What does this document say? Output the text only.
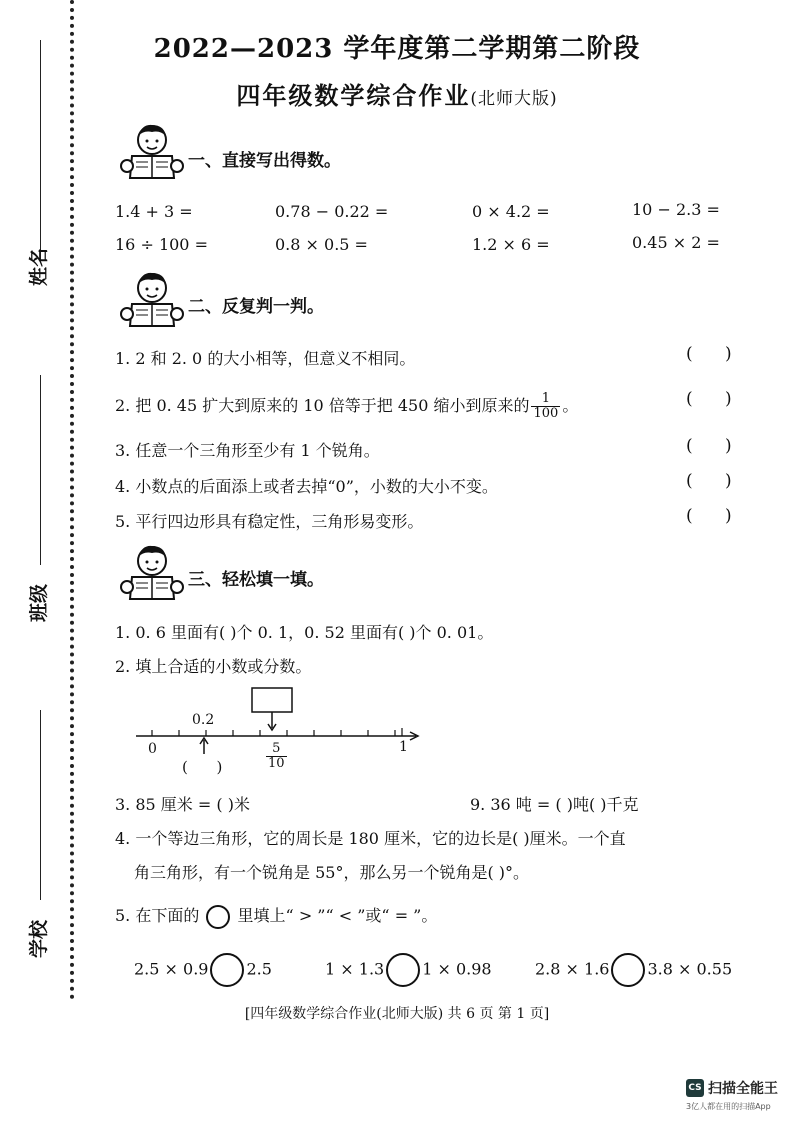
姓名
班级
学校
2022—2023 学年度第二学期第二阶段
四年级数学综合作业(北师大版)
一、直接写出得数。
1.4 + 3 =	0.78 − 0.22 =	0 × 4.2 =	10 − 2.3 =
16 ÷ 100 =	0.8 × 0.5 =	1.2 × 6 =	0.45 × 2 =
二、反复判一判。
1. 2 和 2. 0 的大小相等，但意义不相同。	(      )
2. 把 0. 45 扩大到原来的 10 倍等于把 450 缩小到原来的 $\frac{1}{100}$ 。	(      )
3. 任意一个三角形至少有 1 个锐角。	(      )
4. 小数点的后面添上或者去掉“0”，小数的大小不变。	(      )
5. 平行四边形具有稳定性，三角形易变形。	(      )
三、轻松填一填。
1. 0. 6 里面有( )个 0. 1，0. 52 里面有( )个 0. 01。
2. 填上合适的小数或分数。
0.2
0	1
$\frac{5}{10}$
(      )
3. 85 厘米 = ( )米	9. 36 吨 = ( )吨( )千克
4. 一个等边三角形，它的周长是 180 厘米，它的边长是( )厘米。一个直
角三角形，有一个锐角是 55°，那么另一个锐角是( )°。
5. 在下面的 里填上“ > ”“ < ”或“ = ”。
2.5 × 0.9 2.5	1 × 1.3 1 × 0.98	2.8 × 1.6 3.8 × 0.55
[四年级数学综合作业(北师大版) 共 6 页 第 1 页]
CS 扫描全能王
3亿人都在用的扫描App
